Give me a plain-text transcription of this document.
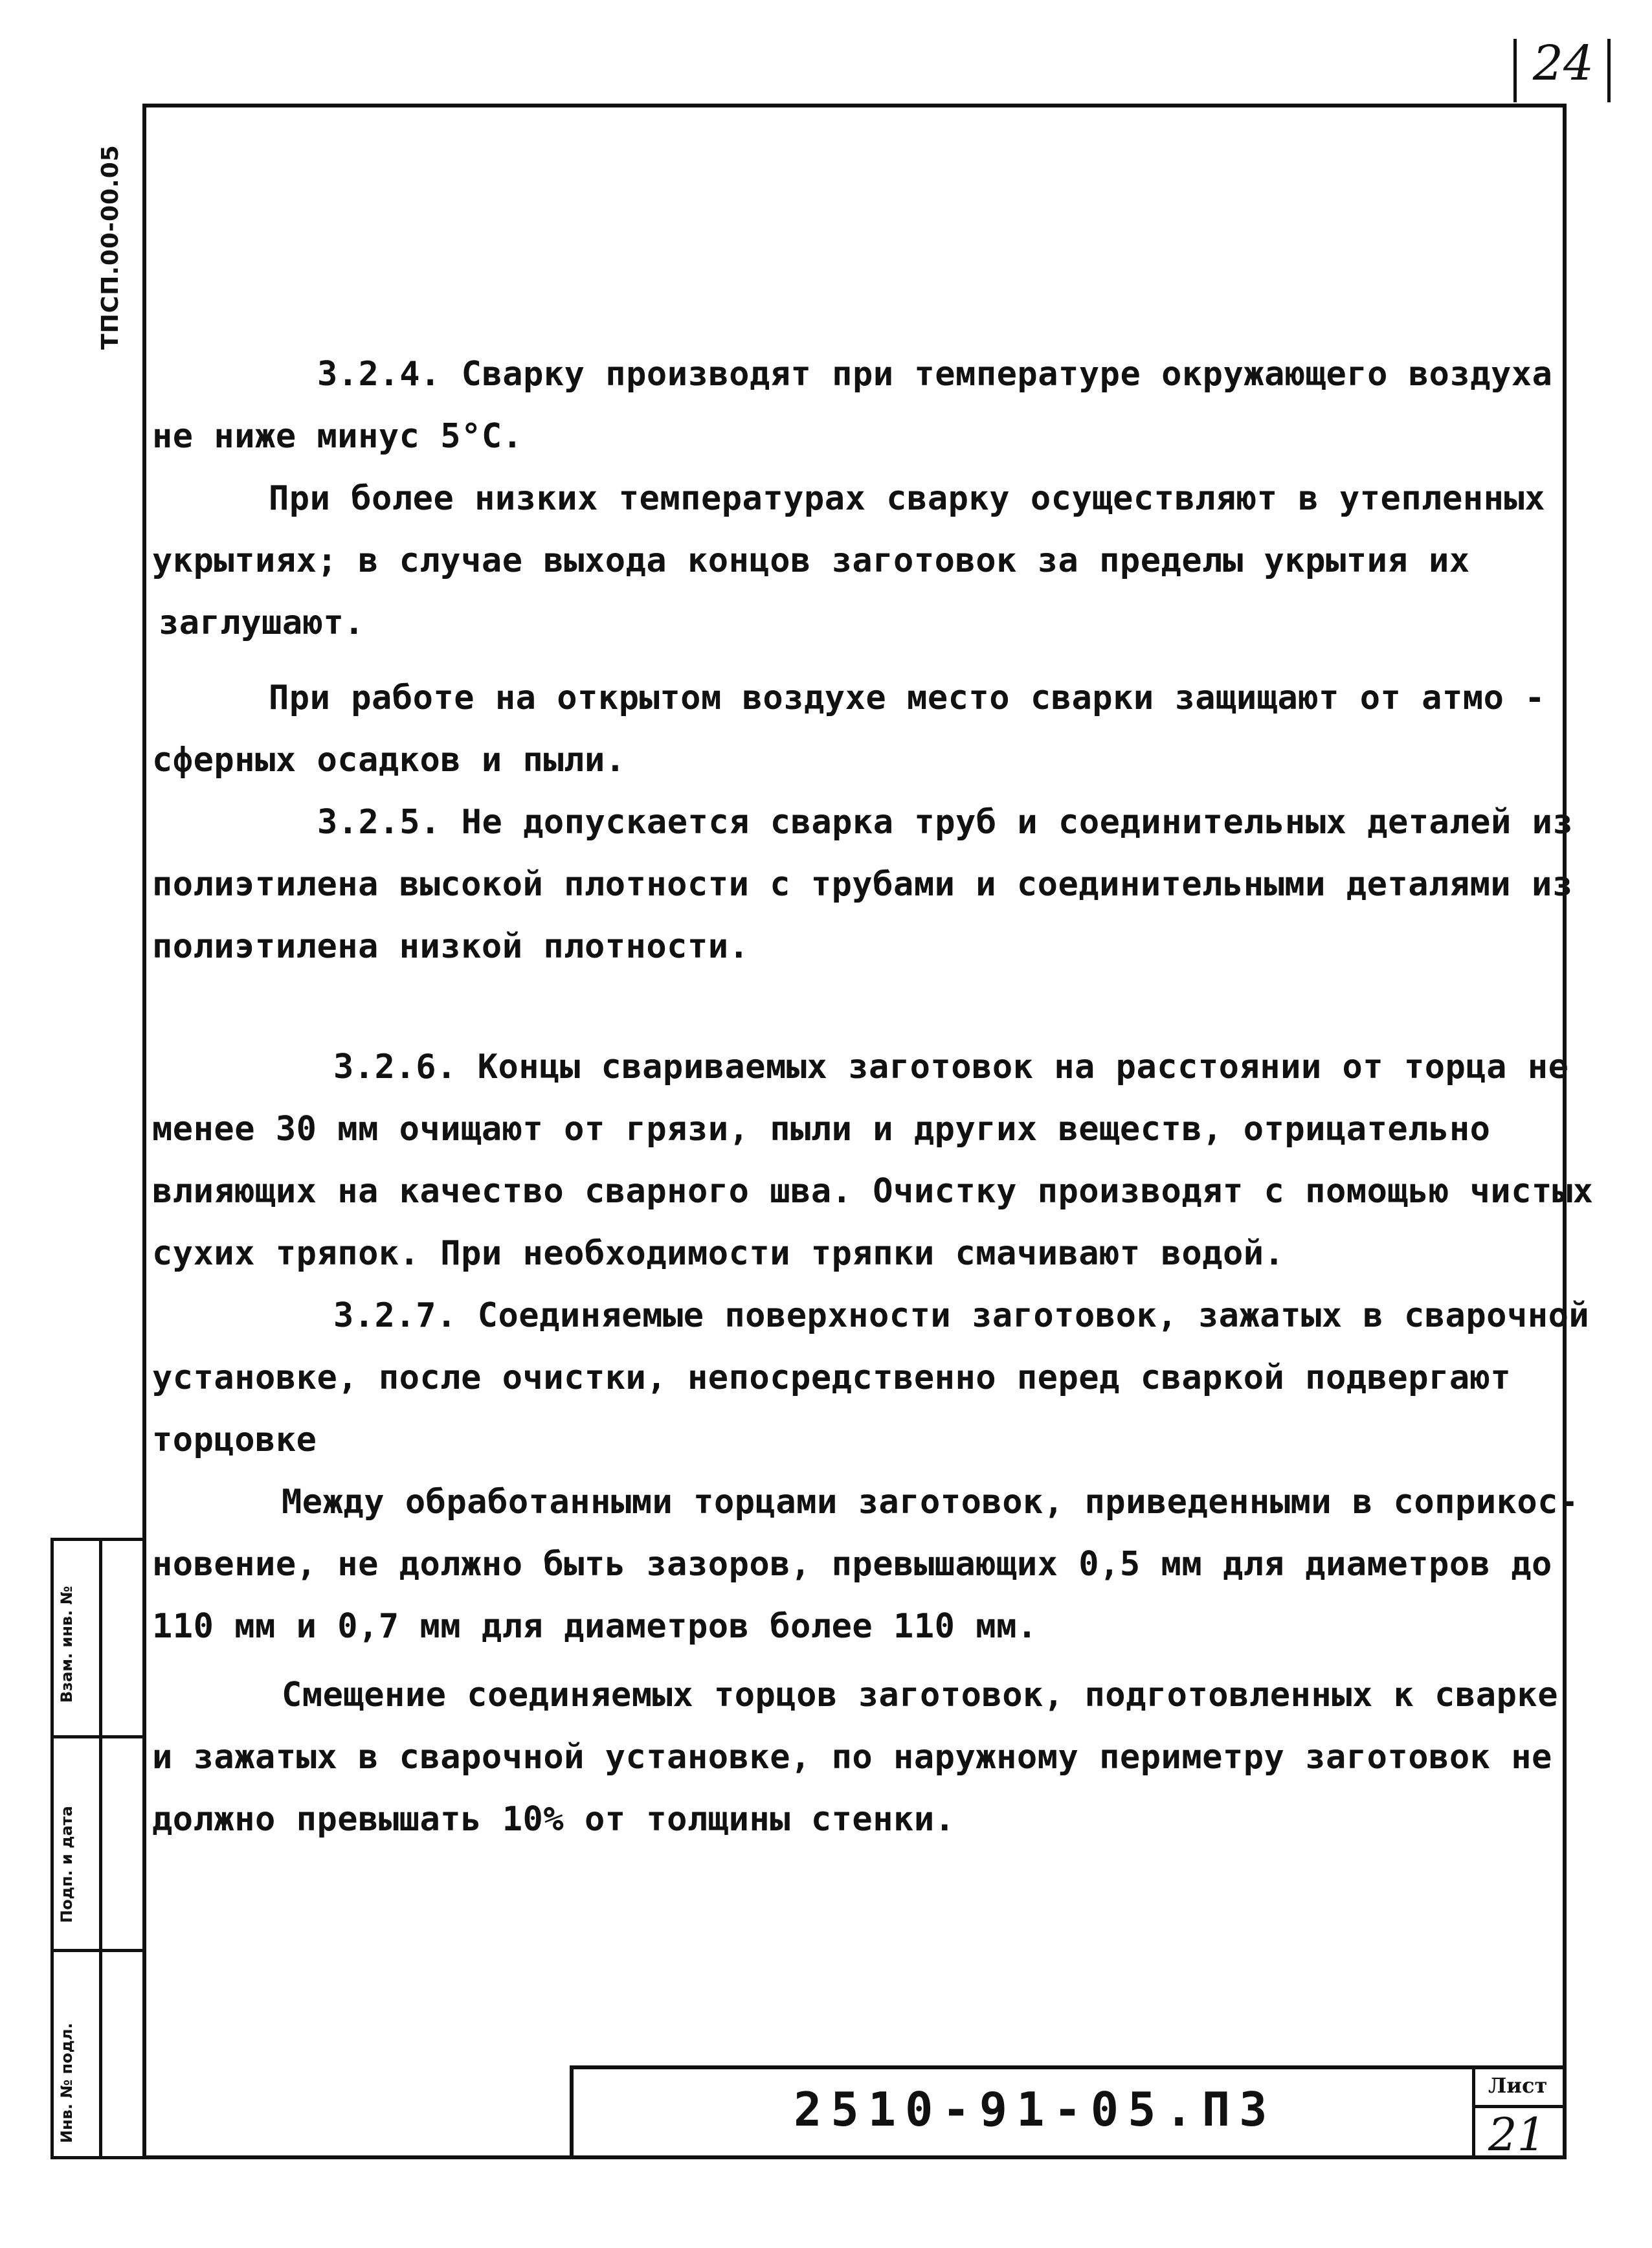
24
ТПСП.00-00.05
Взам. инв. №
Подп. и дата
Инв. № подл.
3.2.4. Сварку производят при температуре окружающего воздуха
не ниже минус 5°С.
При более низких температурах сварку осуществляют в утепленных
укрытиях; в случае выхода концов заготовок за пределы укрытия их
заглушают.
При работе на открытом воздухе место сварки защищают от атмо -
сферных осадков и пыли.
3.2.5. Не допускается сварка труб и соединительных деталей из
полиэтилена высокой плотности с трубами и соединительными деталями из
полиэтилена низкой плотности.
3.2.6. Концы свариваемых заготовок на расстоянии от торца не
менее 30 мм очищают от грязи, пыли и других веществ, отрицательно
влияющих на качество сварного шва. Очистку производят с помощью чистых
сухих тряпок. При необходимости тряпки смачивают водой.
3.2.7. Соединяемые поверхности заготовок, зажатых в сварочной
установке, после очистки, непосредственно перед сваркой подвергают
торцовке
Между обработанными торцами заготовок, приведенными в соприкос-
новение, не должно быть зазоров, превышающих 0,5 мм для диаметров до
110 мм и 0,7 мм для диаметров более 110 мм.
Смещение соединяемых торцов заготовок, подготовленных к сварке
и зажатых в сварочной установке, по наружному периметру заготовок не
должно превышать 10% от толщины стенки.
2510-91-05.ПЗ	Лист
21
